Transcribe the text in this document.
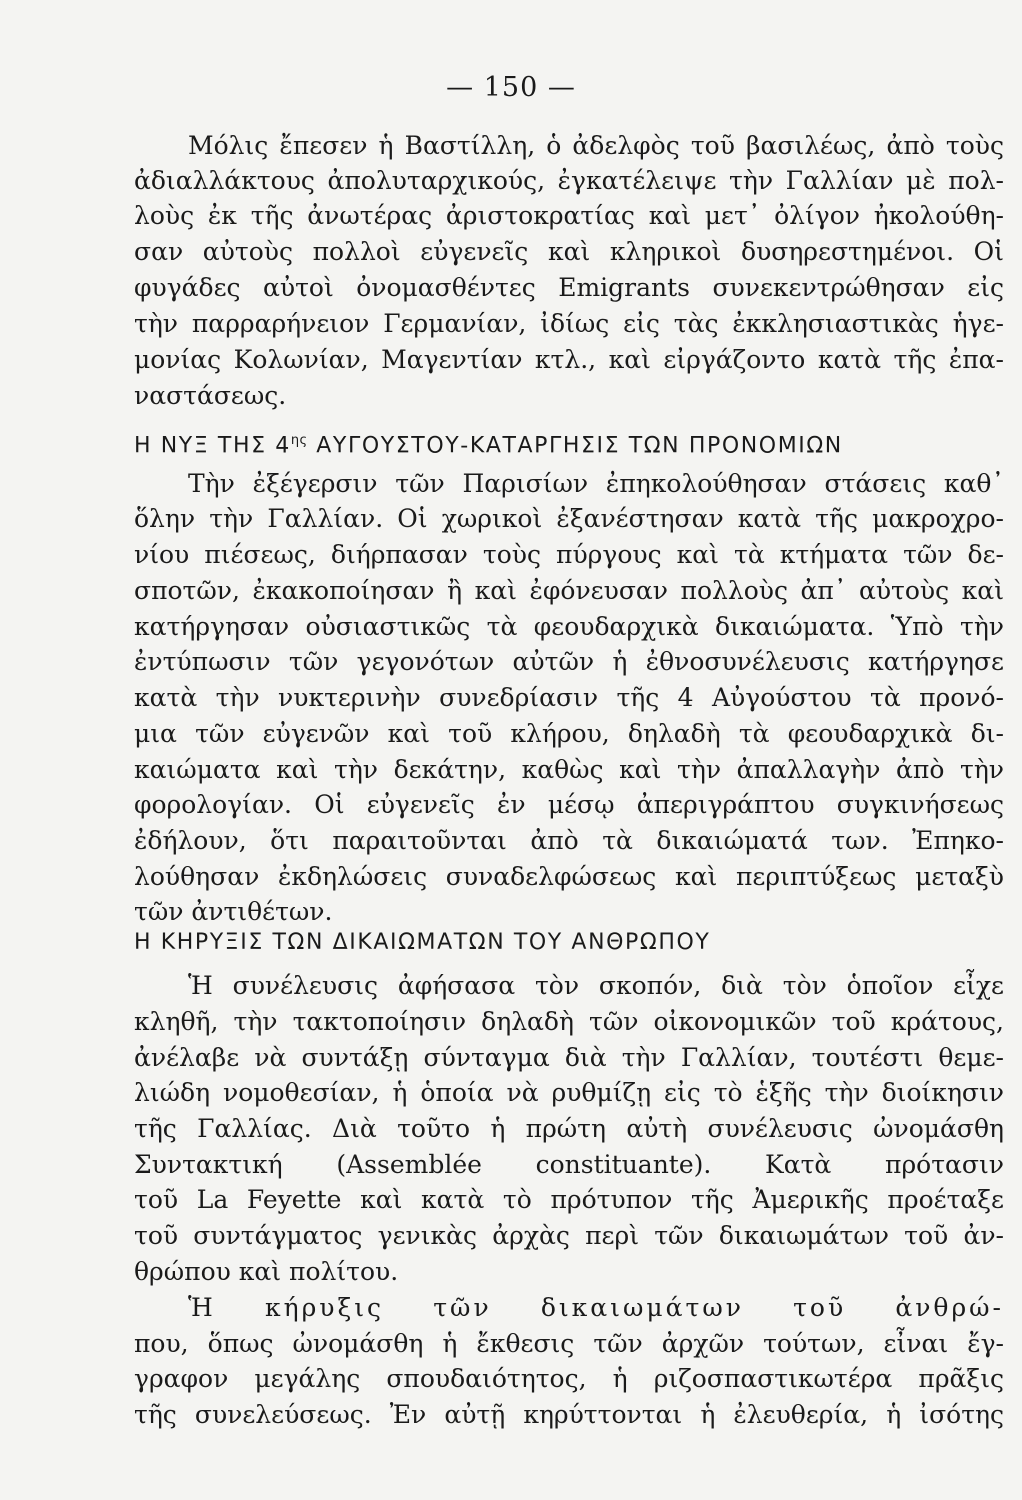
— 150 —
Μόλις ἔπεσεν ἡ Βαστίλλη, ὁ ἀδελφὸς τοῦ βασιλέως, ἀπὸ τοὺς
ἀδιαλλάκτους ἀπολυταρχικούς, ἐγκατέλειψε τὴν Γαλλίαν μὲ πολ-
λοὺς ἐκ τῆς ἀνωτέρας ἀριστοκρατίας καὶ μετ᾽ ὀλίγον ἠκολούθη-
σαν αὐτοὺς πολλοὶ εὐγενεῖς καὶ κληρικοὶ δυσηρεστημένοι. Οἱ
φυγάδες αὐτοὶ ὀνομασθέντες Emigrants συνεκεντρώθησαν εἰς
τὴν παρραρήνειον Γερμανίαν, ἰδίως εἰς τὰς ἐκκλησιαστικὰς ἡγε-
μονίας Κολωνίαν, Μαγεντίαν κτλ., καὶ εἰργάζοντο κατὰ τῆς ἐπα-
ναστάσεως.
Η ΝΥΞ ΤΗΣ $4^{\eta\varsigma}$ ΑΥΓΟΥΣΤΟΥ-ΚΑΤΑΡΓΗΣΙΣ ΤΩΝ ΠΡΟΝΟΜΙΩΝ
Τὴν ἐξέγερσιν τῶν Παρισίων ἐπηκολούθησαν στάσεις καθ᾽
ὅλην τὴν Γαλλίαν. Οἱ χωρικοὶ ἐξανέστησαν κατὰ τῆς μακροχρο-
νίου πιέσεως, διήρπασαν τοὺς πύργους καὶ τὰ κτήματα τῶν δε-
σποτῶν, ἐκακοποίησαν ἢ καὶ ἐφόνευσαν πολλοὺς ἀπ᾽ αὐτοὺς καὶ
κατήργησαν οὐσιαστικῶς τὰ φεουδαρχικὰ δικαιώματα. Ὑπὸ τὴν
ἐντύπωσιν τῶν γεγονότων αὐτῶν ἡ ἐθνοσυνέλευσις κατήργησε
κατὰ τὴν νυκτερινὴν συνεδρίασιν τῆς 4 Αὐγούστου τὰ προνό-
μια τῶν εὐγενῶν καὶ τοῦ κλήρου, δηλαδὴ τὰ φεουδαρχικὰ δι-
καιώματα καὶ τὴν δεκάτην, καθὼς καὶ τὴν ἀπαλλαγὴν ἀπὸ τὴν
φορολογίαν. Οἱ εὐγενεῖς ἐν μέσῳ ἀπεριγράπτου συγκινήσεως
ἐδήλουν, ὅτι παραιτοῦνται ἀπὸ τὰ δικαιώματά των. Ἐπηκο-
λούθησαν ἐκδηλώσεις συναδελφώσεως καὶ περιπτύξεως μεταξὺ
τῶν ἀντιθέτων.
Η ΚΗΡΥΞΙΣ ΤΩΝ ΔΙΚΑΙΩΜΑΤΩΝ ΤΟΥ ΑΝΘΡΩΠΟΥ
Ἡ συνέλευσις ἀφήσασα τὸν σκοπόν, διὰ τὸν ὁποῖον εἶχε
κληθῆ, τὴν τακτοποίησιν δηλαδὴ τῶν οἰκονομικῶν τοῦ κράτους,
ἀνέλαβε νὰ συντάξῃ σύνταγμα διὰ τὴν Γαλλίαν, τουτέστι θεμε-
λιώδη νομοθεσίαν, ἡ ὁποία νὰ ρυθμίζῃ εἰς τὸ ἑξῆς τὴν διοίκησιν
τῆς Γαλλίας. Διὰ τοῦτο ἡ πρώτη αὐτὴ συνέλευσις ὠνομάσθη
Συντακτική (Assemblée constituante). Κατὰ πρότασιν
τοῦ La Feyette καὶ κατὰ τὸ πρότυπον τῆς Ἀμερικῆς προέταξε
τοῦ συντάγματος γενικὰς ἀρχὰς περὶ τῶν δικαιωμάτων τοῦ ἀν-
θρώπου καὶ πολίτου.
Ἡ κήρυξις τῶν δικαιωμάτων τοῦ ἀνθρώ-
που, ὅπως ὠνομάσθη ἡ ἔκθεσις τῶν ἀρχῶν τούτων, εἶναι ἔγ-
γραφον μεγάλης σπουδαιότητος, ἡ ριζοσπαστικωτέρα πρᾶξις
τῆς συνελεύσεως. Ἐν αὐτῇ κηρύττονται ἡ ἐλευθερία, ἡ ἰσότης
